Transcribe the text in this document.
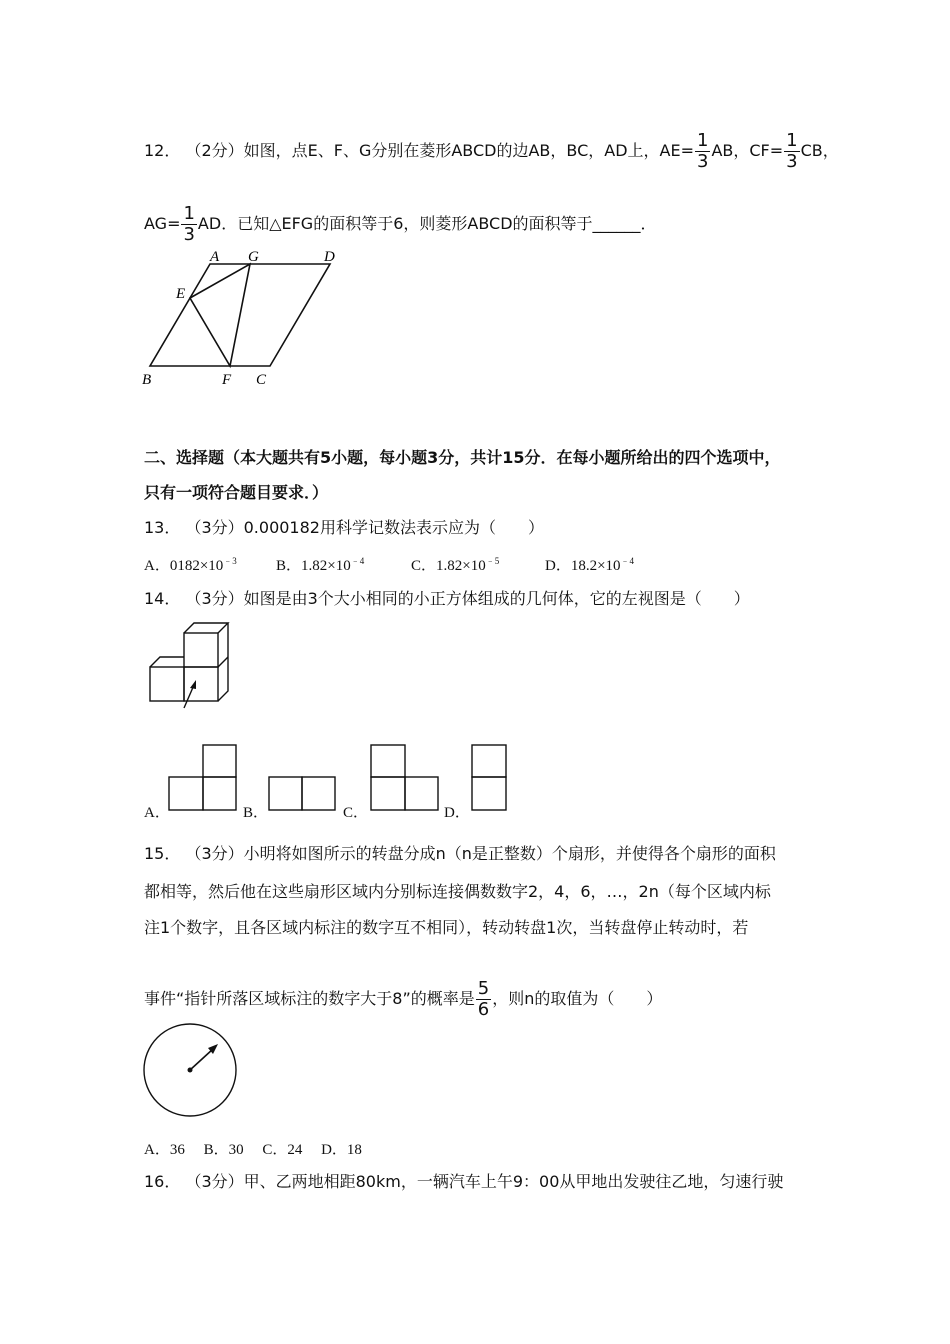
12． （2分）如图，点E、F、G分别在菱形ABCD的边AB，BC，AD上，$AE= \frac{1}{3}$ AB，$CF= \frac{1}{3}$ CB，
$AG= \frac{1}{3}$ AD．已知△EFG的面积等于6，则菱形ABCD的面积等于______．
A G	D
E
B	F C
二、选择题（本大题共有5小题，每小题3分，共计15分．在每小题所给出的四个选项中，
只有一项符合题目要求．）
13． （3分）0.000182用科学记数法表示应为（　　）
A．$0182\times 10^{﹣3}$	B．$1.82\times 10^{﹣4}$	C．$1.82\times 10^{﹣5}$	D．$18.2\times 10^{﹣4}$
14． （3分）如图是由3个大小相同的小正方体组成的几何体，它的左视图是（　　）
A．	B．	C．	D．
15． （3分）小明将如图所示的转盘分成n（n是正整数）个扇形，并使得各个扇形的面积
都相等，然后他在这些扇形区域内分别标连接偶数数字2，4，6，…，2n（每个区域内标
注1个数字，且各区域内标注的数字互不相同），转动转盘1次，当转盘停止转动时，若
事件“指针所落区域标注的数字大于8”的概率是 $\frac{5}{6}$ ，则n的取值为（　　）
A．36　 B．30　 C．24　 D．18
16． （3分）甲、乙两地相距80km，一辆汽车上午9：00从甲地出发驶往乙地，匀速行驶
